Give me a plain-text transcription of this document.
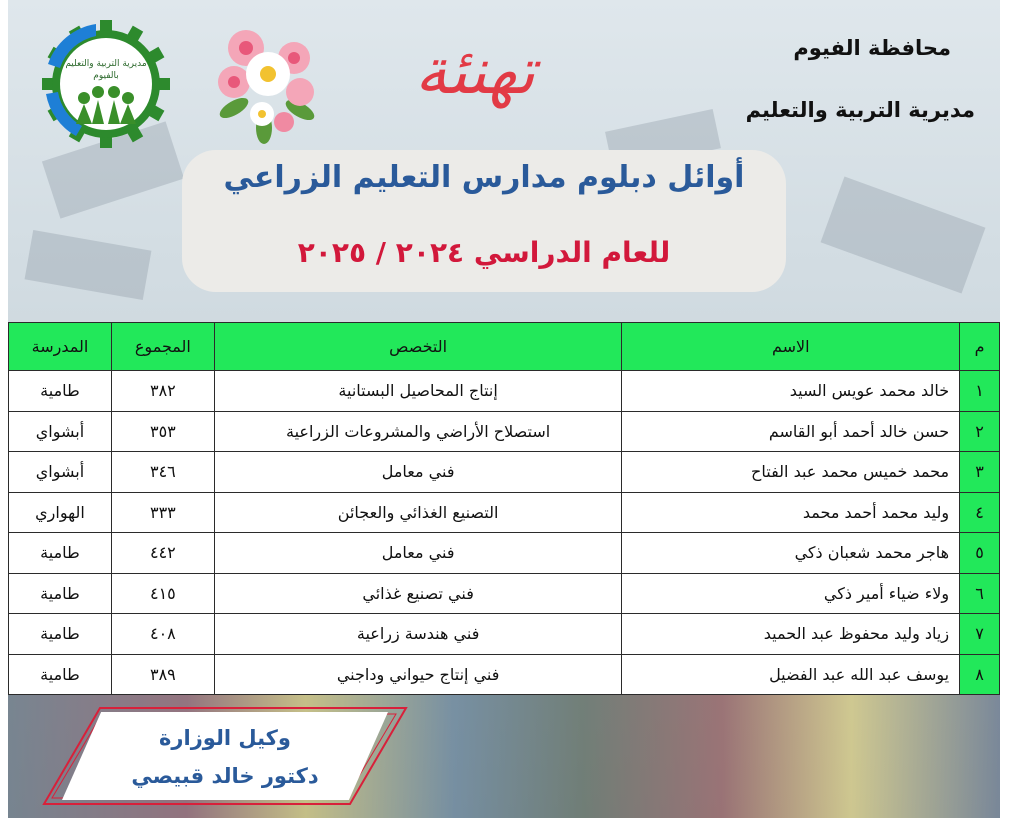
مديرية التربية والتعليم
بالفيوم	تهنئة	محافظة الفيوم
مديرية التربية والتعليم
أوائل دبلوم مدارس التعليم الزراعي
للعام الدراسي ٢٠٢٤ / ٢٠٢٥
م	الاسم	التخصص	المجموع	المدرسة
١	خالد محمد عويس السيد	إنتاج المحاصيل البستانية	٣٨٢	طامية
٢	حسن خالد أحمد أبو القاسم	استصلاح الأراضي والمشروعات الزراعية	٣٥٣	أبشواي
٣	محمد خميس محمد عبد الفتاح	فني معامل	٣٤٦	أبشواي
٤	وليد محمد أحمد محمد	التصنيع الغذائي والعجائن	٣٣٣	الهواري
٥	هاجر محمد شعبان ذكي	فني معامل	٤٤٢	طامية
٦	ولاء ضياء أمير ذكي	فني تصنيع غذائي	٤١٥	طامية
٧	زياد وليد محفوظ عبد الحميد	فني هندسة زراعية	٤٠٨	طامية
٨	يوسف عبد الله عبد الفضيل	فني إنتاج حيواني وداجني	٣٨٩	طامية
وكيل الوزارة
دكتور خالد قبيصي
